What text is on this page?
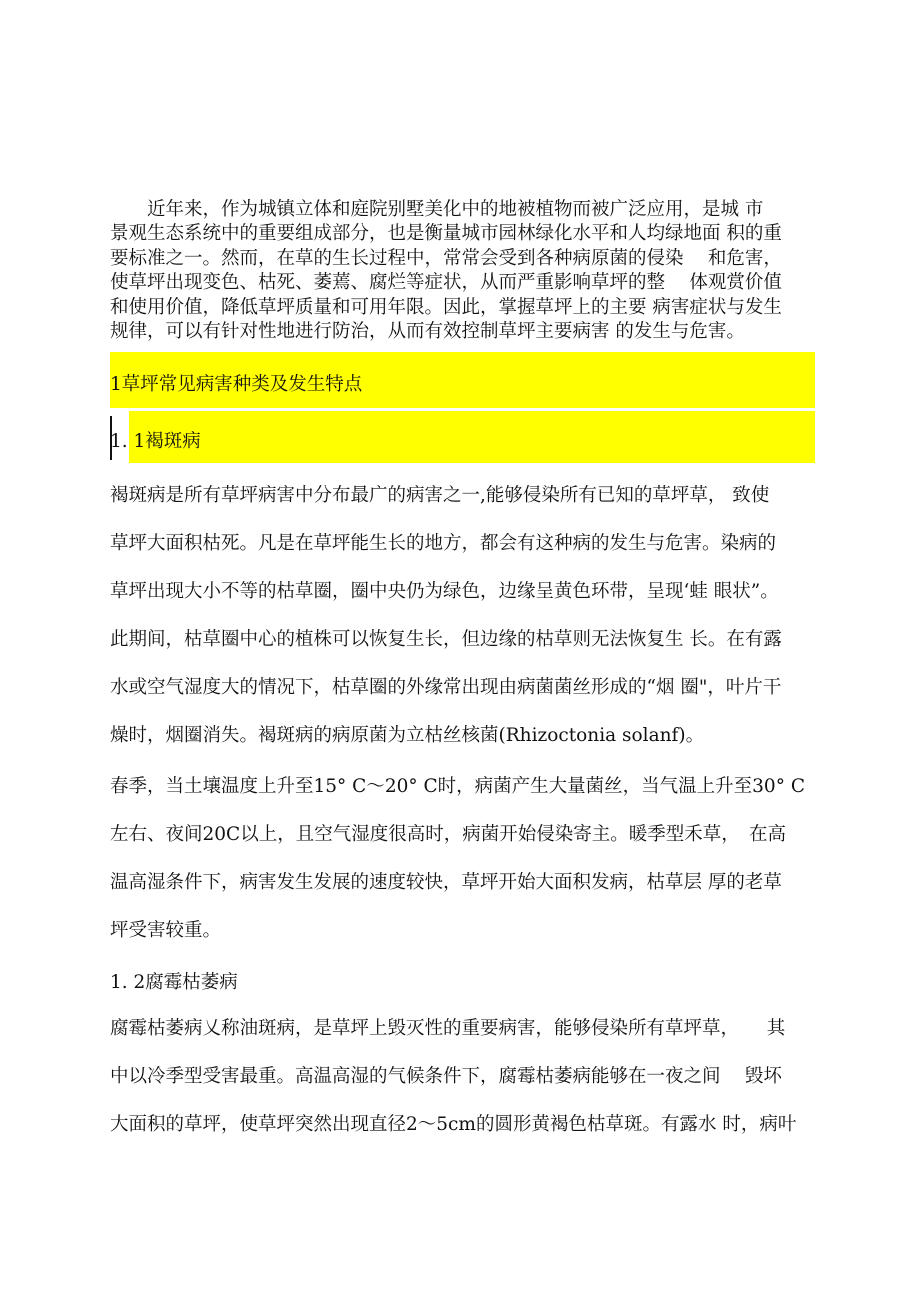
　　近年来，作为城镇立体和庭院别墅美化中的地被植物而被广泛应用，是城 市
景观生态系统中的重要组成部分，也是衡量城市园林绿化水平和人均绿地面 积的重
要标准之一。然而，在草的生长过程中，常常会受到各种病原菌的侵染　 和危害，
使草坪出现变色、枯死、萎蔫、腐烂等症状，从而严重影响草坪的整　 体观赏价值
和使用价值，降低草坪质量和可用年限。因此，掌握草坪上的主要 病害症状与发生
规律，可以有针对性地进行防治，从而有效控制草坪主要病害 的发生与危害。
1草坪常见病害种类及发生特点
1. 1褐斑病
褐斑病是所有草坪病害中分布最广的病害之一,能够侵染所有已知的草坪草， 致使
草坪大面积枯死。凡是在草坪能生长的地方，都会有这种病的发生与危害。染病的
草坪出现大小不等的枯草圈，圈中央仍为绿色，边缘呈黄色环带，呈现‘蛙 眼状”。
此期间，枯草圈中心的植株可以恢复生长，但边缘的枯草则无法恢复生 长。在有露
水或空气湿度大的情况下，枯草圈的外缘常出现由病菌菌丝形成的“烟 圈"，叶片干
燥时，烟圈消失。褐斑病的病原菌为立枯丝核菌(Rhizoctonia solanf)。
春季，当土壤温度上升至15° C〜20° C时，病菌产生大量菌丝，当气温上升至30° C
左右、夜间20C以上，且空气湿度很高时，病菌开始侵染寄主。暖季型禾草，　在高
温高湿条件下，病害发生发展的速度较快，草坪开始大面积发病，枯草层 厚的老草
坪受害较重。
1. 2腐霉枯萎病
腐霉枯萎病乂称油斑病，是草坪上毁灭性的重要病害，能够侵染所有草坪草，　　其
中以冷季型受害最重。高温高湿的气候条件下，腐霉枯萎病能够在一夜之间　 毁坏
大面积的草坪，使草坪突然出现直径2〜5cm的圆形黄褐色枯草斑。有露水 时，病叶
